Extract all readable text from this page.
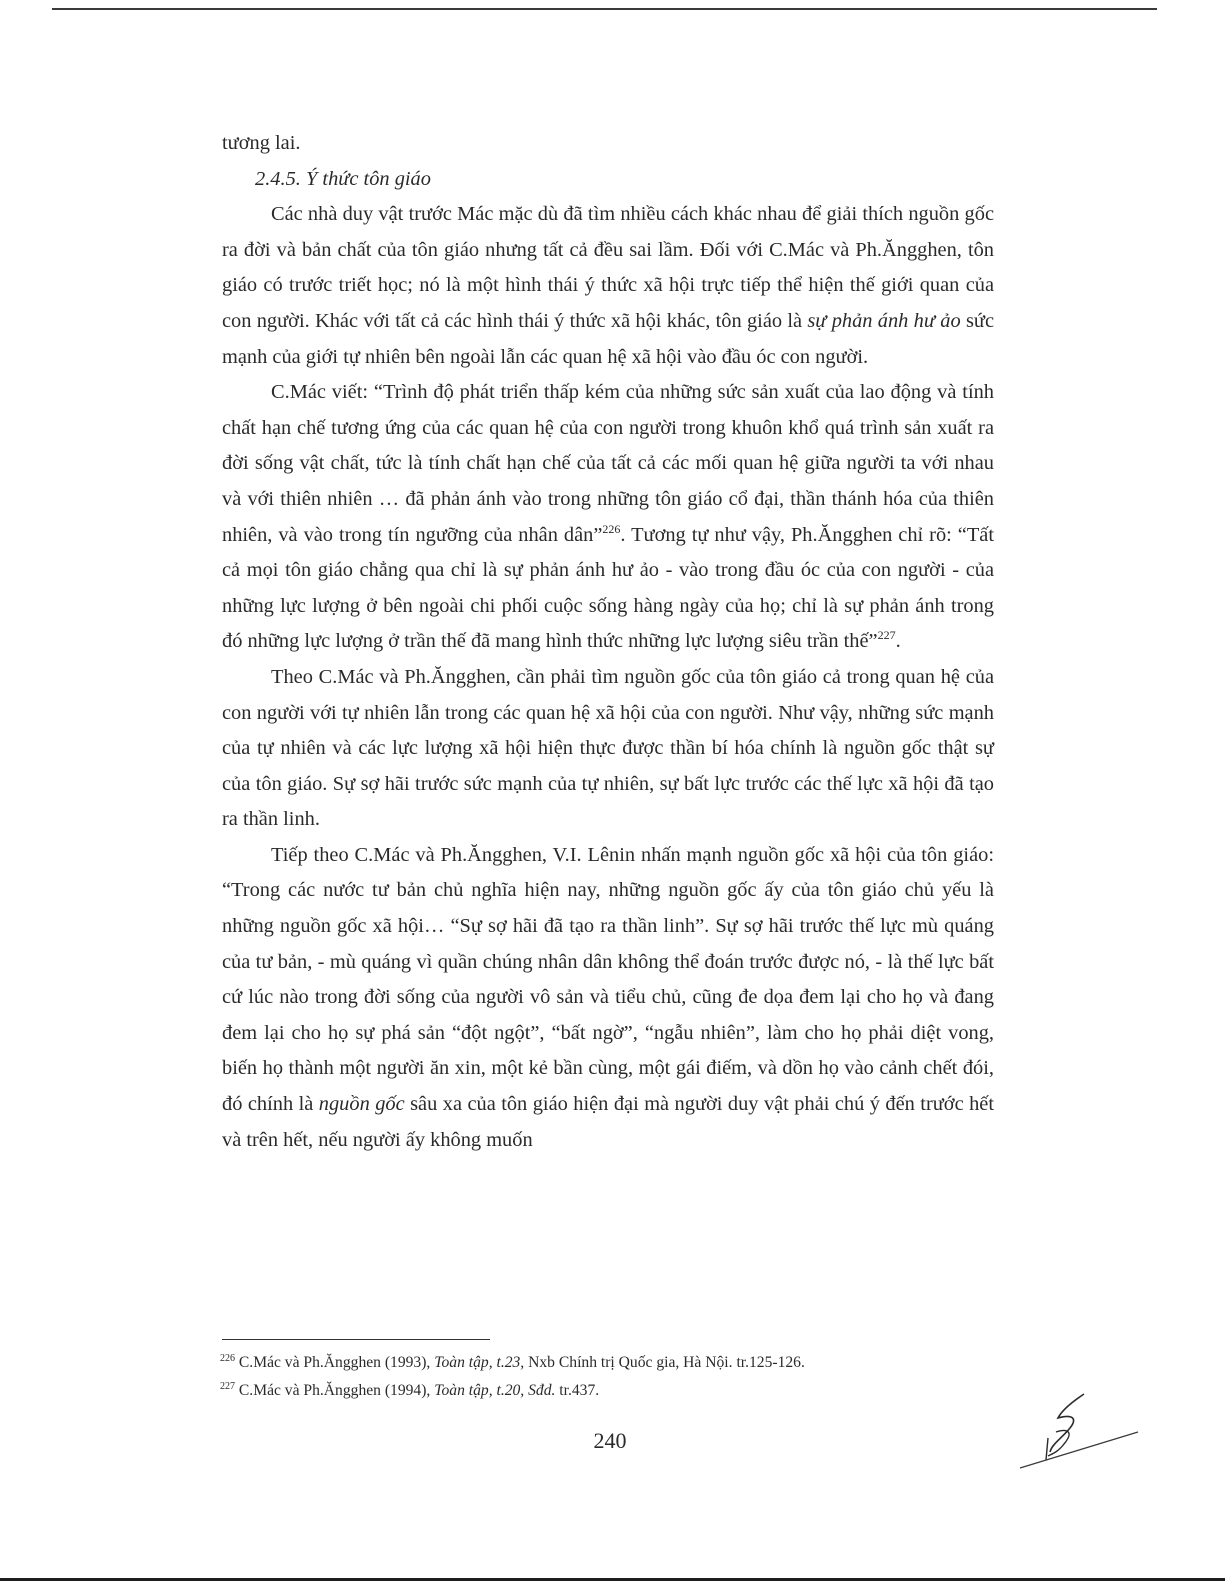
tương lai.

2.4.5. Ý thức tôn giáo

Các nhà duy vật trước Mác mặc dù đã tìm nhiều cách khác nhau để giải thích nguồn gốc ra đời và bản chất của tôn giáo nhưng tất cả đều sai lầm. Đối với C.Mác và Ph.Ăngghen, tôn giáo có trước triết học; nó là một hình thái ý thức xã hội trực tiếp thể hiện thế giới quan của con người. Khác với tất cả các hình thái ý thức xã hội khác, tôn giáo là sự phản ánh hư ảo sức mạnh của giới tự nhiên bên ngoài lẫn các quan hệ xã hội vào đầu óc con người.

C.Mác viết: “Trình độ phát triển thấp kém của những sức sản xuất của lao động và tính chất hạn chế tương ứng của các quan hệ của con người trong khuôn khổ quá trình sản xuất ra đời sống vật chất, tức là tính chất hạn chế của tất cả các mối quan hệ giữa người ta với nhau và với thiên nhiên … đã phản ánh vào trong những tôn giáo cổ đại, thần thánh hóa của thiên nhiên, và vào trong tín ngưỡng của nhân dân”$^{226}$. Tương tự như vậy, Ph.Ăngghen chỉ rõ: “Tất cả mọi tôn giáo chẳng qua chỉ là sự phản ánh hư ảo - vào trong đầu óc của con người - của những lực lượng ở bên ngoài chi phối cuộc sống hàng ngày của họ; chỉ là sự phản ánh trong đó những lực lượng ở trần thế đã mang hình thức những lực lượng siêu trần thế”$^{227}$.

Theo C.Mác và Ph.Ăngghen, cần phải tìm nguồn gốc của tôn giáo cả trong quan hệ của con người với tự nhiên lẫn trong các quan hệ xã hội của con người. Như vậy, những sức mạnh của tự nhiên và các lực lượng xã hội hiện thực được thần bí hóa chính là nguồn gốc thật sự của tôn giáo. Sự sợ hãi trước sức mạnh của tự nhiên, sự bất lực trước các thế lực xã hội đã tạo ra thần linh.

Tiếp theo C.Mác và Ph.Ăngghen, V.I. Lênin nhấn mạnh nguồn gốc xã hội của tôn giáo: “Trong các nước tư bản chủ nghĩa hiện nay, những nguồn gốc ấy của tôn giáo chủ yếu là những nguồn gốc xã hội… “Sự sợ hãi đã tạo ra thần linh”. Sự sợ hãi trước thế lực mù quáng của tư bản, - mù quáng vì quần chúng nhân dân không thể đoán trước được nó, - là thế lực bất cứ lúc nào trong đời sống của người vô sản và tiểu chủ, cũng đe dọa đem lại cho họ và đang đem lại cho họ sự phá sản “đột ngột”, “bất ngờ”, “ngẫu nhiên”, làm cho họ phải diệt vong, biến họ thành một người ăn xin, một kẻ bần cùng, một gái điếm, và dồn họ vào cảnh chết đói, đó chính là nguồn gốc sâu xa của tôn giáo hiện đại mà người duy vật phải chú ý đến trước hết và trên hết, nếu người ấy không muốn

$^{226}$ C.Mác và Ph.Ăngghen (1993), Toàn tập, t.23, Nxb Chính trị Quốc gia, Hà Nội. tr.125-126.
$^{227}$ C.Mác và Ph.Ăngghen (1994), Toàn tập, t.20, Sđd. tr.437.
240
